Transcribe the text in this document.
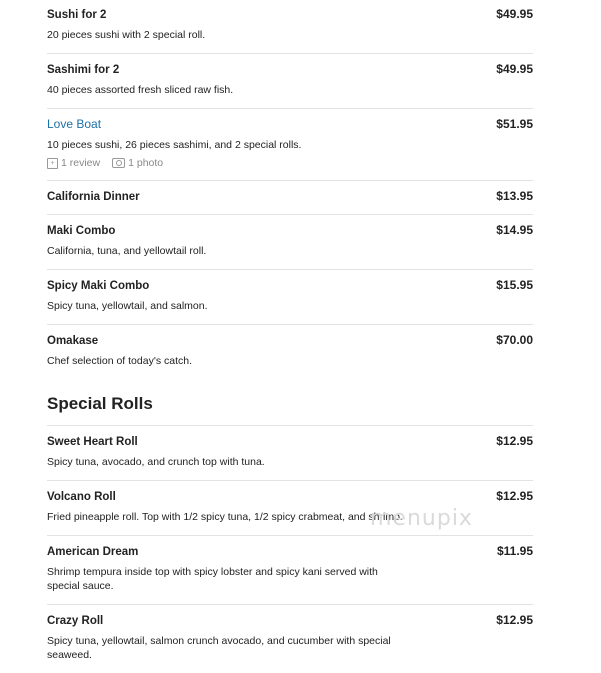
Sushi for 2	$49.95
20 pieces sushi with 2 special roll.
Sashimi for 2	$49.95
40 pieces assorted fresh sliced raw fish.
Love Boat	$51.95
10 pieces sushi, 26 pieces sashimi, and 2 special rolls.
+ 1 review	1 photo
California Dinner	$13.95
Maki Combo	$14.95
California, tuna, and yellowtail roll.
Spicy Maki Combo	$15.95
Spicy tuna, yellowtail, and salmon.
Omakase	$70.00
Chef selection of today's catch.
Special Rolls
Sweet Heart Roll	$12.95
Spicy tuna, avocado, and crunch top with tuna.
Volcano Roll	$12.95
Fried pineapple roll. Top with 1/2 spicy tuna, 1/2 spicy crabmeat, and shrimp.
American Dream	$11.95
Shrimp tempura inside top with spicy lobster and spicy kani served with special sauce.
Crazy Roll	$12.95
Spicy tuna, yellowtail, salmon crunch avocado, and cucumber with special seaweed.
menupix
